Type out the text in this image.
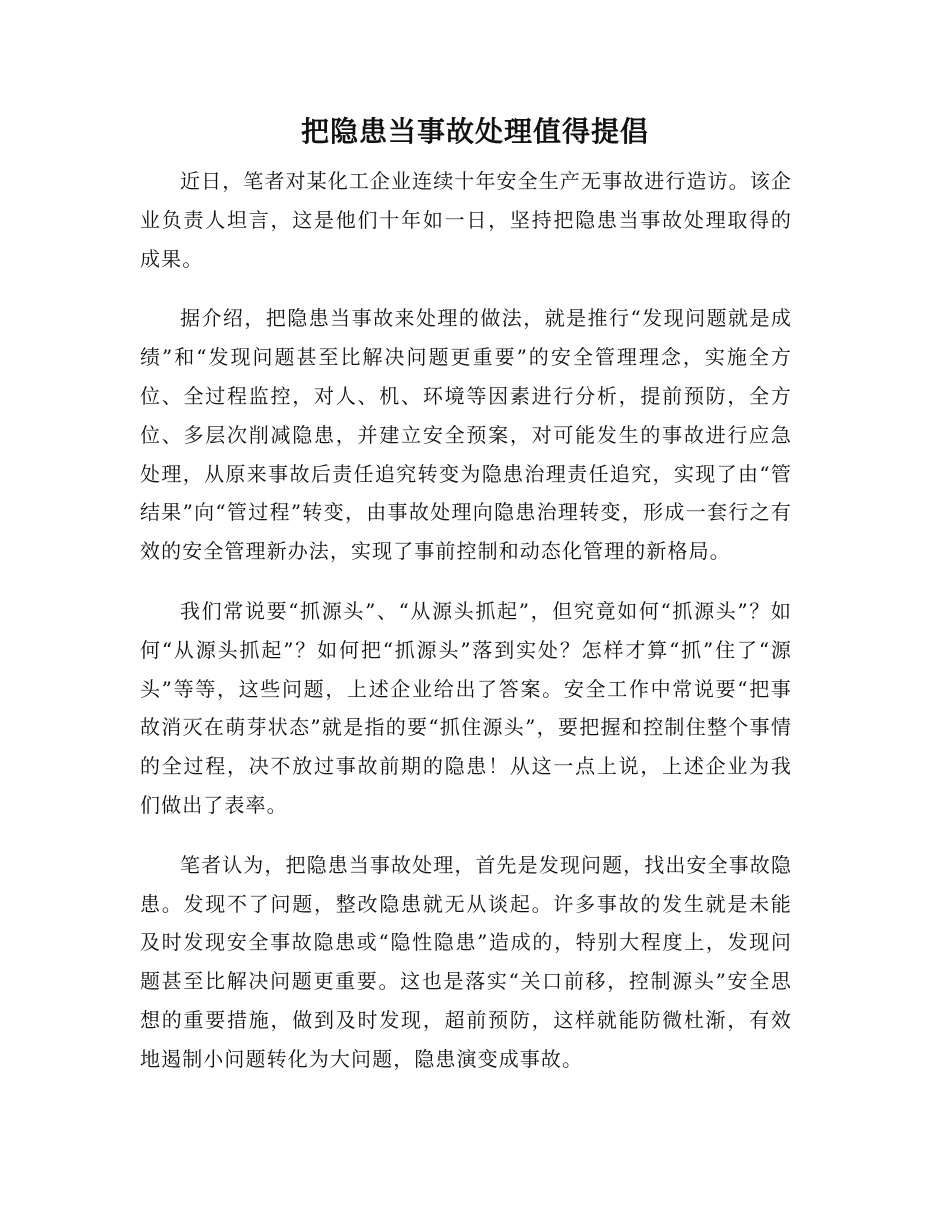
把隐患当事故处理值得提倡

近日，笔者对某化工企业连续十年安全生产无事故进行造访。该企业负责人坦言，这是他们十年如一日，坚持把隐患当事故处理取得的成果。

据介绍，把隐患当事故来处理的做法，就是推行“发现问题就是成绩”和“发现问题甚至比解决问题更重要”的安全管理理念，实施全方位、全过程监控，对人、机、环境等因素进行分析，提前预防，全方位、多层次削减隐患，并建立安全预案，对可能发生的事故进行应急处理，从原来事故后责任追究转变为隐患治理责任追究，实现了由“管结果”向“管过程”转变，由事故处理向隐患治理转变，形成一套行之有效的安全管理新办法，实现了事前控制和动态化管理的新格局。

我们常说要“抓源头”、“从源头抓起”，但究竟如何“抓源头”？如何“从源头抓起”？如何把“抓源头”落到实处？怎样才算“抓”住了“源头”等等，这些问题，上述企业给出了答案。安全工作中常说要“把事故消灭在萌芽状态”就是指的要“抓住源头”，要把握和控制住整个事情的全过程，决不放过事故前期的隐患！从这一点上说，上述企业为我们做出了表率。

笔者认为，把隐患当事故处理，首先是发现问题，找出安全事故隐患。发现不了问题，整改隐患就无从谈起。许多事故的发生就是未能及时发现安全事故隐患或“隐性隐患”造成的，特别大程度上，发现问题甚至比解决问题更重要。这也是落实“关口前移，控制源头”安全思想的重要措施，做到及时发现，超前预防，这样就能防微杜渐，有效地遏制小问题转化为大问题，隐患演变成事故。
